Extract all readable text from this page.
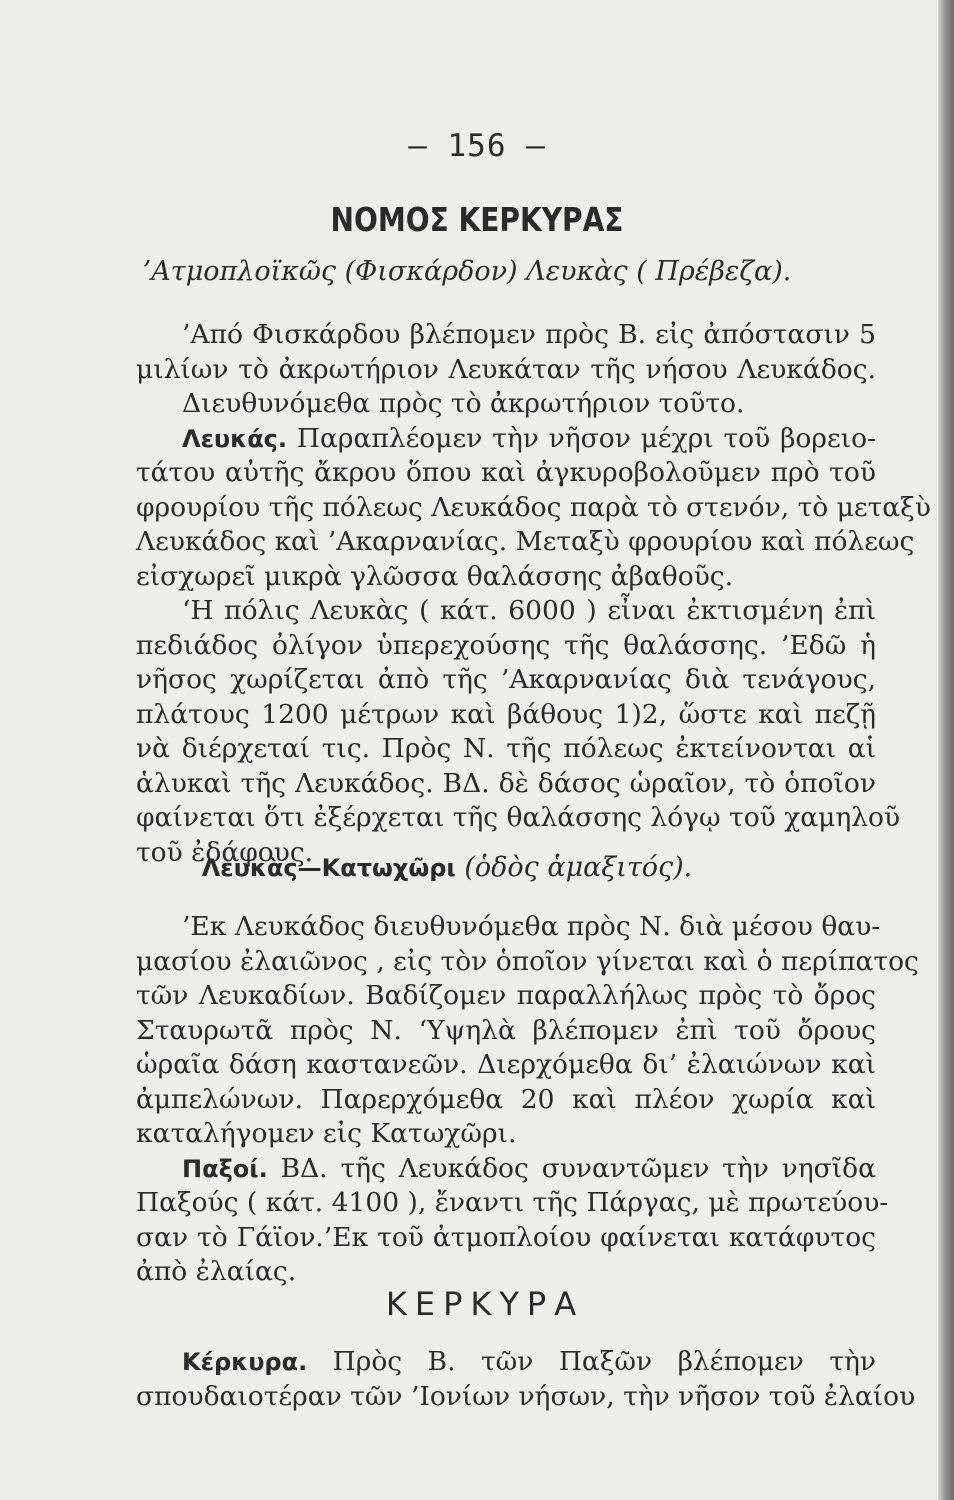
— 156 —
ΝΟΜΟΣ ΚΕΡΚΥΡΑΣ
’Ατμοπλοϊκῶς (Φισκάρδον) Λευκὰς ( Πρέβεζα).
’Από Φισκάρδου βλέπομεν πρὸς Β. εἰς ἀπόστασιν 5
μιλίων τὸ ἀκρωτήριον Λευκάταν τῆς νήσου Λευκάδος.
Διευθυνόμεθα πρὸς τὸ ἀκρωτήριον τοῦτο.
Λευκάς. Παραπλέομεν τὴν νῆσον μέχρι τοῦ βορειο-
τάτου αὐτῆς ἄκρου ὅπου καὶ ἀγκυροβολοῦμεν πρὸ τοῦ
φρουρίου τῆς πόλεως Λευκάδος παρὰ τὸ στενόν, τὸ μεταξὺ
Λευκάδος καὶ ’Ακαρνανίας. Μεταξὺ φρουρίου καὶ πόλεως
εἰσχωρεῖ μικρὰ γλῶσσα θαλάσσης ἀβαθοῦς.
‘Η πόλις Λευκὰς ( κάτ. 6000 ) εἶναι ἐκτισμένη ἐπὶ
πεδιάδος ὀλίγον ὑπερεχούσης τῆς θαλάσσης. ’Εδῶ ἡ
νῆσος χωρίζεται ἀπὸ τῆς ’Ακαρνανίας διὰ τενάγους,
πλάτους 1200 μέτρων καὶ βάθους 1)2, ὥστε καὶ πεζῇ
νὰ διέρχεταί τις. Πρὸς Ν. τῆς πόλεως ἐκτείνονται αἱ
ἁλυκαὶ τῆς Λευκάδος. ΒΔ. δὲ δάσος ὡραῖον, τὸ ὁποῖον
φαίνεται ὅτι ἐξέρχεται τῆς θαλάσσης λόγῳ τοῦ χαμηλοῦ
τοῦ ἐδάφους.
Λευκὰς—Κατωχῶρι (ὁδὸς ἁμαξιτός).
’Εκ Λευκάδος διευθυνόμεθα πρὸς Ν. διὰ μέσου θαυ-
μασίου ἐλαιῶνος , εἰς τὸν ὁποῖον γίνεται καὶ ὁ περίπατος
τῶν Λευκαδίων. Βαδίζομεν παραλλήλως πρὸς τὸ ὄρος
Σταυρωτᾶ πρὸς Ν. ‘Υψηλὰ βλέπομεν ἐπὶ τοῦ ὄρους
ὡραῖα δάση καστανεῶν. Διερχόμεθα δι’ ἐλαιώνων καὶ
ἀμπελώνων. Παρερχόμεθα 20 καὶ πλέον χωρία καὶ
καταλήγομεν εἰς Κατωχῶρι.
Παξοί. ΒΔ. τῆς Λευκάδος συναντῶμεν τὴν νησῖδα
Παξούς ( κάτ. 4100 ), ἔναντι τῆς Πάργας, μὲ πρωτεύου-
σαν τὸ Γάϊον.’Εκ τοῦ ἀτμοπλοίου φαίνεται κατάφυτος
ἀπὸ ἐλαίας.
ΚΕΡΚΥΡΑ
Κέρκυρα. Πρὸς Β. τῶν Παξῶν βλέπομεν τὴν
σπουδαιοτέραν τῶν ’Ιονίων νήσων, τὴν νῆσον τοῦ ἐλαίου
